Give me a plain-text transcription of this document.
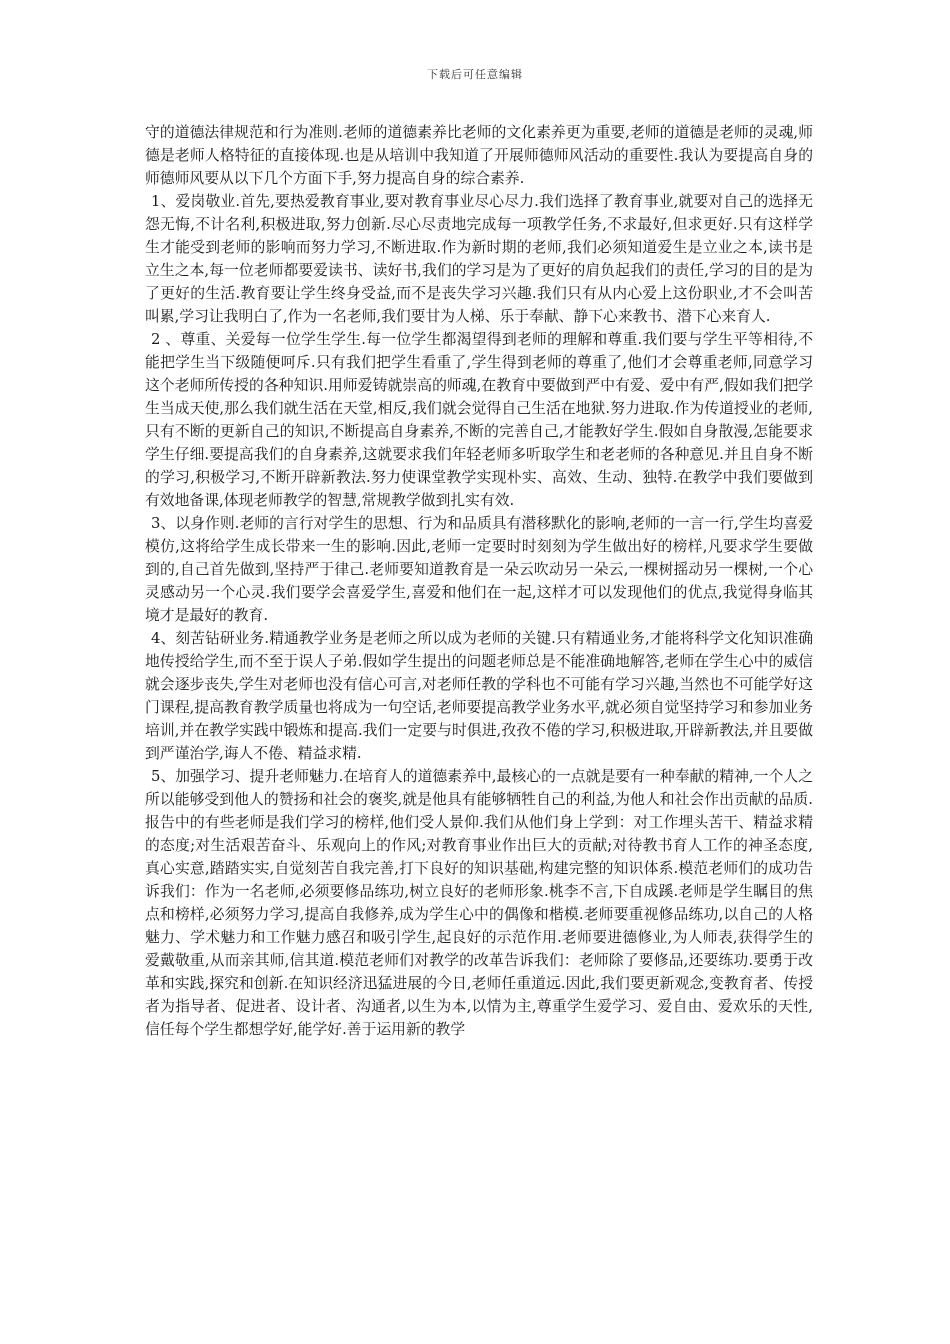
下载后可任意编辑

守的道德法律规范和行为准则.老师的道德素养比老师的文化素养更为重要,老师的道德是老师的灵魂,师德是老师人格特征的直接体现.也是从培训中我知道了开展师德师风活动的重要性.我认为要提高自身的师德师风要从以下几个方面下手,努力提高自身的综合素养.

1、爱岗敬业.首先,要热爱教育事业,要对教育事业尽心尽力.我们选择了教育事业,就要对自己的选择无怨无悔,不计名利,积极进取,努力创新.尽心尽责地完成每一项教学任务,不求最好,但求更好.只有这样学生才能受到老师的影响而努力学习,不断进取.作为新时期的老师,我们必须知道爱生是立业之本,读书是立生之本,每一位老师都要爱读书、读好书,我们的学习是为了更好的肩负起我们的责任,学习的目的是为了更好的生活.教育要让学生终身受益,而不是丧失学习兴趣.我们只有从内心爱上这份职业,才不会叫苦叫累,学习让我明白了,作为一名老师,我们要甘为人梯、乐于奉献、静下心来教书、潜下心来育人.

2 、尊重、关爱每一位学生学生.每一位学生都渴望得到老师的理解和尊重.我们要与学生平等相待,不能把学生当下级随便呵斥.只有我们把学生看重了,学生得到老师的尊重了,他们才会尊重老师,同意学习这个老师所传授的各种知识.用师爱铸就崇高的师魂,在教育中要做到严中有爱、爱中有严,假如我们把学生当成天使,那么我们就生活在天堂,相反,我们就会觉得自己生活在地狱.努力进取.作为传道授业的老师,只有不断的更新自己的知识,不断提高自身素养,不断的完善自己,才能教好学生.假如自身散漫,怎能要求学生仔细.要提高我们的自身素养,这就要求我们年轻老师多听取学生和老老师的各种意见.并且自身不断的学习,积极学习,不断开辟新教法.努力使课堂教学实现朴实、高效、生动、独特.在教学中我们要做到有效地备课,体现老师教学的智慧,常规教学做到扎实有效.

3、以身作则.老师的言行对学生的思想、行为和品质具有潜移默化的影响,老师的一言一行,学生均喜爱模仿,这将给学生成长带来一生的影响.因此,老师一定要时时刻刻为学生做出好的榜样,凡要求学生要做到的,自己首先做到,坚持严于律己.老师要知道教育是一朵云吹动另一朵云,一棵树摇动另一棵树,一个心灵感动另一个心灵.我们要学会喜爱学生,喜爱和他们在一起,这样才可以发现他们的优点,我觉得身临其境才是最好的教育.

4、刻苦钻研业务.精通教学业务是老师之所以成为老师的关键.只有精通业务,才能将科学文化知识准确地传授给学生,而不至于误人子弟.假如学生提出的问题老师总是不能准确地解答,老师在学生心中的威信就会逐步丧失,学生对老师也没有信心可言,对老师任教的学科也不可能有学习兴趣,当然也不可能学好这门课程,提高教育教学质量也将成为一句空话,老师要提高教学业务水平,就必须自觉坚持学习和参加业务培训,并在教学实践中锻炼和提高.我们一定要与时俱进,孜孜不倦的学习,积极进取,开辟新教法,并且要做到严谨治学,诲人不倦、精益求精.

5、加强学习、提升老师魅力.在培育人的道德素养中,最核心的一点就是要有一种奉献的精神,一个人之所以能够受到他人的赞扬和社会的褒奖,就是他具有能够牺牲自己的利益,为他人和社会作出贡献的品质.报告中的有些老师是我们学习的榜样,他们受人景仰.我们从他们身上学到：对工作埋头苦干、精益求精的态度;对生活艰苦奋斗、乐观向上的作风;对教育事业作出巨大的贡献;对待教书育人工作的神圣态度,真心实意,踏踏实实,自觉刻苦自我完善,打下良好的知识基础,构建完整的知识体系.模范老师们的成功告诉我们：作为一名老师,必须要修品练功,树立良好的老师形象.桃李不言,下自成蹊.老师是学生瞩目的焦点和榜样,必须努力学习,提高自我修养,成为学生心中的偶像和楷模.老师要重视修品练功,以自己的人格魅力、学术魅力和工作魅力感召和吸引学生,起良好的示范作用.老师要进德修业,为人师表,获得学生的爱戴敬重,从而亲其师,信其道.模范老师们对教学的改革告诉我们：老师除了要修品,还要练功.要勇于改革和实践,探究和创新.在知识经济迅猛进展的今日,老师任重道远.因此,我们要更新观念,变教育者、传授者为指导者、促进者、设计者、沟通者,以生为本,以情为主,尊重学生爱学习、爱自由、爱欢乐的天性,信任每个学生都想学好,能学好.善于运用新的教学
